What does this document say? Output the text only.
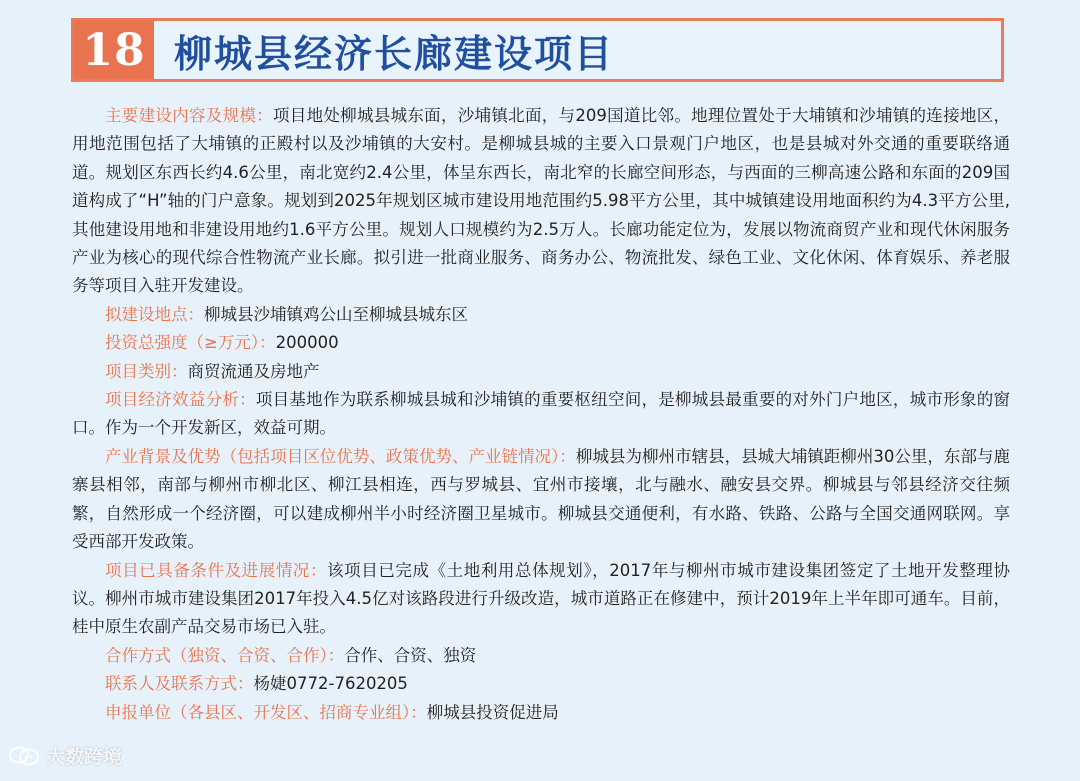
18 柳城县经济长廊建设项目

主要建设内容及规模：项目地处柳城县城东面，沙埔镇北面，与209国道比邻。地理位置处于大埔镇和沙埔镇的连接地区，用地范围包括了大埔镇的正殿村以及沙埔镇的大安村。是柳城县城的主要入口景观门户地区，也是县城对外交通的重要联络通道。规划区东西长约4.6公里，南北宽约2.4公里，体呈东西长，南北窄的长廊空间形态，与西面的三柳高速公路和东面的209国道构成了“H”轴的门户意象。规划到2025年规划区城市建设用地范围约5.98平方公里，其中城镇建设用地面积约为4.3平方公里,其他建设用地和非建设用地约1.6平方公里。规划人口规模约为2.5万人。长廊功能定位为，发展以物流商贸产业和现代休闲服务产业为核心的现代综合性物流产业长廊。拟引进一批商业服务、商务办公、物流批发、绿色工业、文化休闲、体育娱乐、养老服务等项目入驻开发建设。

拟建设地点：柳城县沙埔镇鸡公山至柳城县城东区

投资总强度（≥万元）：200000

项目类别：商贸流通及房地产

项目经济效益分析：项目基地作为联系柳城县城和沙埔镇的重要枢纽空间，是柳城县最重要的对外门户地区，城市形象的窗口。作为一个开发新区，效益可期。

产业背景及优势（包括项目区位优势、政策优势、产业链情况）：柳城县为柳州市辖县，县城大埔镇距柳州30公里，东部与鹿寨县相邻，南部与柳州市柳北区、柳江县相连，西与罗城县、宜州市接壤，北与融水、融安县交界。柳城县与邻县经济交往频繁，自然形成一个经济圈，可以建成柳州半小时经济圈卫星城市。柳城县交通便利，有水路、铁路、公路与全国交通网联网。享受西部开发政策。

项目已具备条件及进展情况：该项目已完成《土地利用总体规划》，2017年与柳州市城市建设集团签定了土地开发整理协议。柳州市城市建设集团2017年投入4.5亿对该路段进行升级改造，城市道路正在修建中，预计2019年上半年即可通车。目前，桂中原生农副产品交易市场已入驻。

合作方式（独资、合资、合作）：合作、合资、独资

联系人及联系方式：杨婕0772-7620205

申报单位（各县区、开发区、招商专业组）：柳城县投资促进局

大数跨境
